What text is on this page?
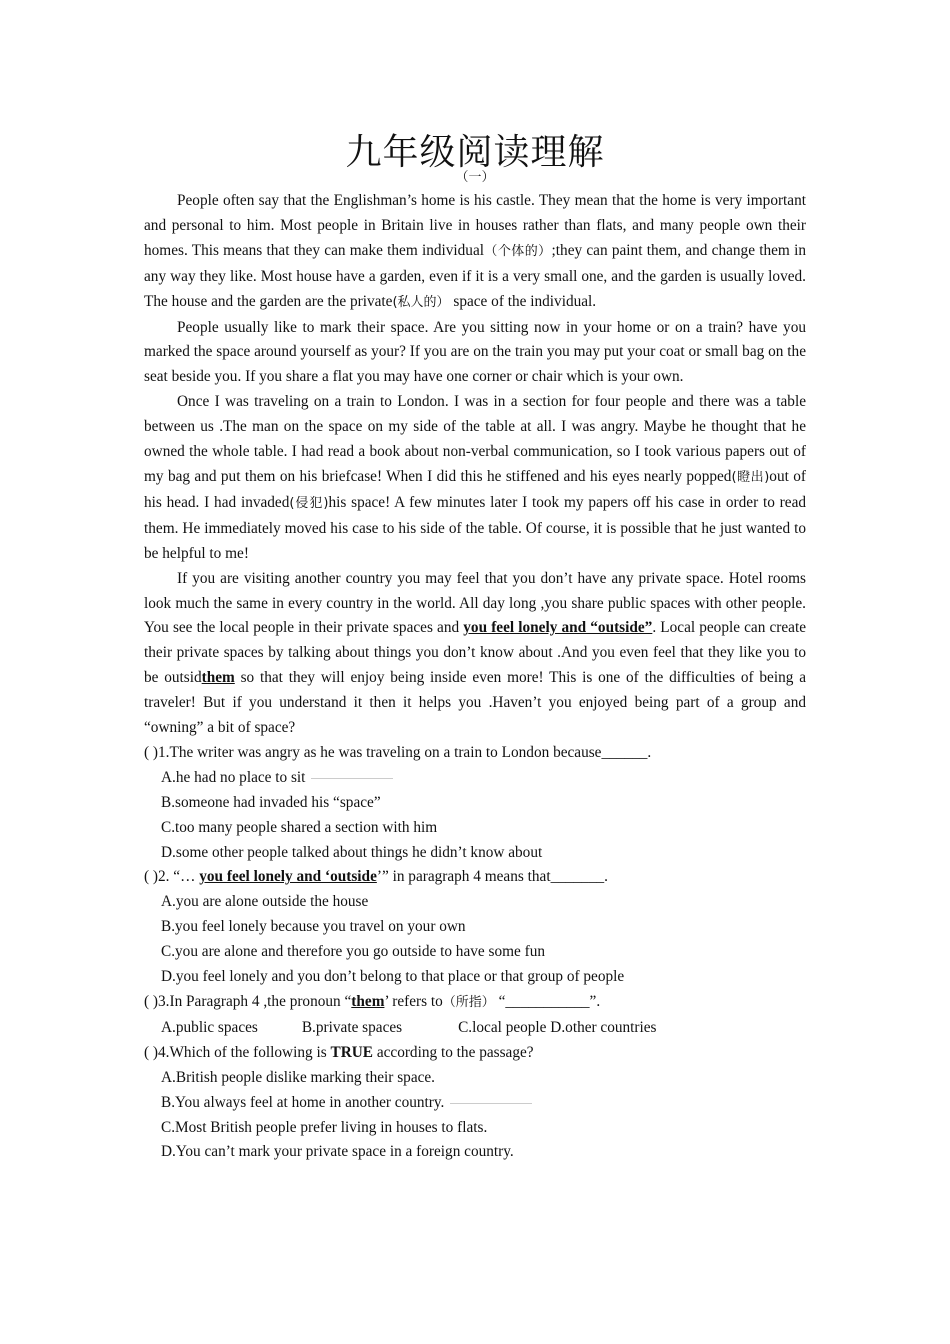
九年级阅读理解
（一）

People often say that the Englishman’s home is his castle. They mean that the home is very important and personal to him. Most people in Britain live in houses rather than flats, and many people own their homes. This means that they can make them individual（个体的）;they can paint them, and change them in any way they like. Most house have a garden, even if it is a very small one, and the garden is usually loved. The house and the garden are the private(私人的） space of the individual.

People usually like to mark their space. Are you sitting now in your home or on a train? have you marked the space around yourself as your? If you are on the train you may put your coat or small bag on the seat beside you. If you share a flat you may have one corner or chair which is your own.

Once I was traveling on a train to London. I was in a section for four people and there was a table between us .The man on the space on my side of the table at all. I was angry. Maybe he thought that he owned the whole table. I had read a book about non-verbal communication, so I took various papers out of my bag and put them on his briefcase! When I did this he stiffened and his eyes nearly popped(瞪出)out of his head. I had invaded(侵犯)his space! A few minutes later I took my papers off his case in order to read them. He immediately moved his case to his side of the table. Of course, it is possible that he just wanted to be helpful to me!

If you are visiting another country you may feel that you don’t have any private space. Hotel rooms look much the same in every country in the world. All day long ,you share public spaces with other people. You see the local people in their private spaces and you feel lonely and “outside”. Local people can create their private spaces by talking about things you don’t know about .And you even feel that they like you to be outsidthem so that they will enjoy being inside even more! This is one of the difficulties of being a traveler! But if you understand it then it helps you .Haven’t you enjoyed being part of a group and “owning” a bit of space?

( )1.The writer was angry as he was traveling on a train to London because______.

A.he had no place to sit

B.someone had invaded his “space”

C.too many people shared a section with him

D.some other people talked about things he didn’t know about

( )2. “… you feel lonely and ‘outside’” in paragraph 4 means that_______.

A.you are alone outside the house

B.you feel lonely because you travel on your own

C.you are alone and therefore you go outside to have some fun

D.you feel lonely and you don’t belong to that place or that group of people

( )3.In Paragraph 4 ,the pronoun “them’ refers to（所指） “___________”.

A.public spaces	B.private spaces	C.local people D.other countries

( )4.Which of the following is TRUE according to the passage?

A.British people dislike marking their space.

B.You always feel at home in another country.

C.Most British people prefer living in houses to flats.

D.You can’t mark your private space in a foreign country.
